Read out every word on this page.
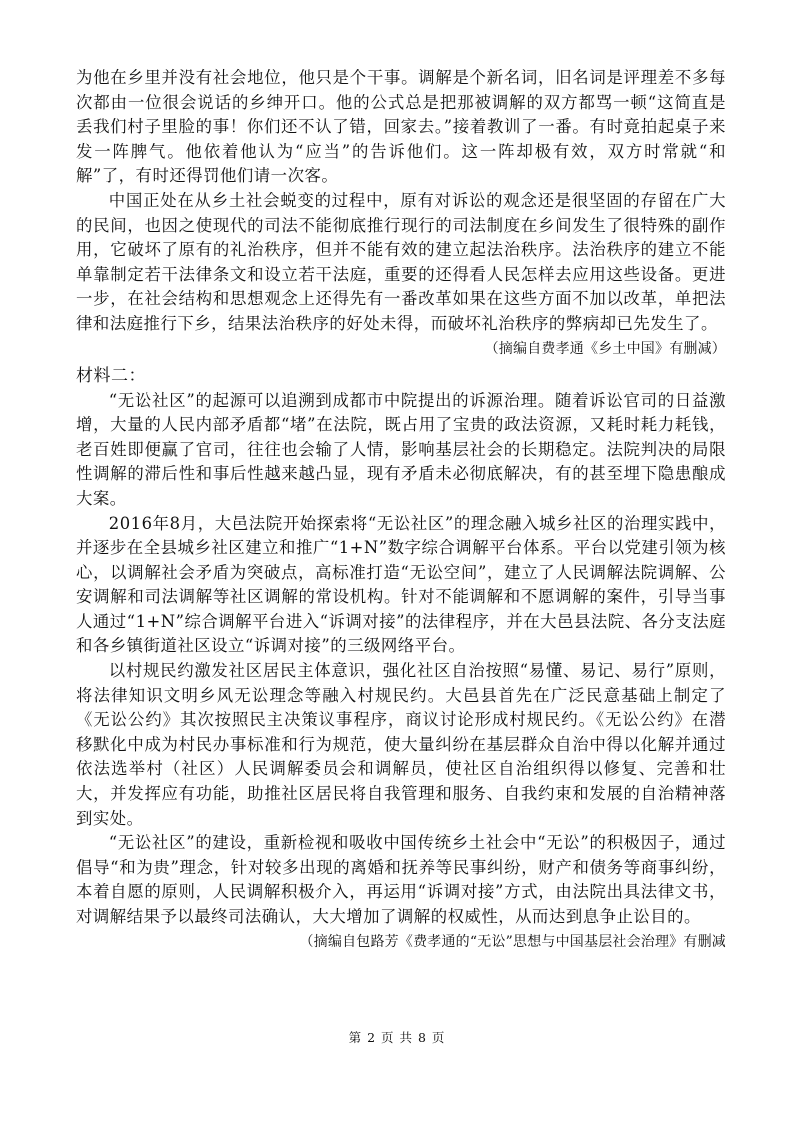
为他在乡里并没有社会地位，他只是个干事。调解是个新名词，旧名词是评理差不多每次都由一位很会说话的乡绅开口。他的公式总是把那被调解的双方都骂一顿“这简直是丢我们村子里脸的事！你们还不认了错，回家去。”接着教训了一番。有时竟拍起桌子来发一阵脾气。他依着他认为“应当”的告诉他们。这一阵却极有效，双方时常就“和解”了，有时还得罚他们请一次客。

中国正处在从乡土社会蜕变的过程中，原有对诉讼的观念还是很坚固的存留在广大的民间，也因之使现代的司法不能彻底推行现行的司法制度在乡间发生了很特殊的副作用，它破坏了原有的礼治秩序，但并不能有效的建立起法治秩序。法治秩序的建立不能单靠制定若干法律条文和设立若干法庭，重要的还得看人民怎样去应用这些设备。更进一步，在社会结构和思想观念上还得先有一番改革如果在这些方面不加以改革，单把法律和法庭推行下乡，结果法治秩序的好处未得，而破坏礼治秩序的弊病却已先发生了。

（摘编自费孝通《乡土中国》有删减）

材料二：

“无讼社区”的起源可以追溯到成都市中院提出的诉源治理。随着诉讼官司的日益激增，大量的人民内部矛盾都“堵”在法院，既占用了宝贵的政法资源，又耗时耗力耗钱，老百姓即便赢了官司，往往也会输了人情，影响基层社会的长期稳定。法院判决的局限性调解的滞后性和事后性越来越凸显，现有矛盾未必彻底解决，有的甚至埋下隐患酿成大案。

2016年8月，大邑法院开始探索将“无讼社区”的理念融入城乡社区的治理实践中，并逐步在全县城乡社区建立和推广“1+N”数字综合调解平台体系。平台以党建引领为核心，以调解社会矛盾为突破点，高标准打造“无讼空间”，建立了人民调解法院调解、公安调解和司法调解等社区调解的常设机构。针对不能调解和不愿调解的案件，引导当事人通过“1+N”综合调解平台进入“诉调对接”的法律程序，并在大邑县法院、各分支法庭和各乡镇街道社区设立“诉调对接”的三级网络平台。

以村规民约激发社区居民主体意识，强化社区自治按照“易懂、易记、易行”原则，将法律知识文明乡风无讼理念等融入村规民约。大邑县首先在广泛民意基础上制定了《无讼公约》其次按照民主决策议事程序，商议讨论形成村规民约。《无讼公约》在潜移默化中成为村民办事标准和行为规范，使大量纠纷在基层群众自治中得以化解并通过依法选举村（社区）人民调解委员会和调解员，使社区自治组织得以修复、完善和壮大，并发挥应有功能，助推社区居民将自我管理和服务、自我约束和发展的自治精神落到实处。

“无讼社区”的建设，重新检视和吸收中国传统乡土社会中“无讼”的积极因子，通过倡导“和为贵”理念，针对较多出现的离婚和抚养等民事纠纷，财产和债务等商事纠纷，本着自愿的原则，人民调解积极介入，再运用“诉调对接”方式，由法院出具法律文书，对调解结果予以最终司法确认，大大增加了调解的权威性，从而达到息争止讼目的。

（摘编自包路芳《费孝通的“无讼”思想与中国基层社会治理》有删减

第 2 页 共 8 页
